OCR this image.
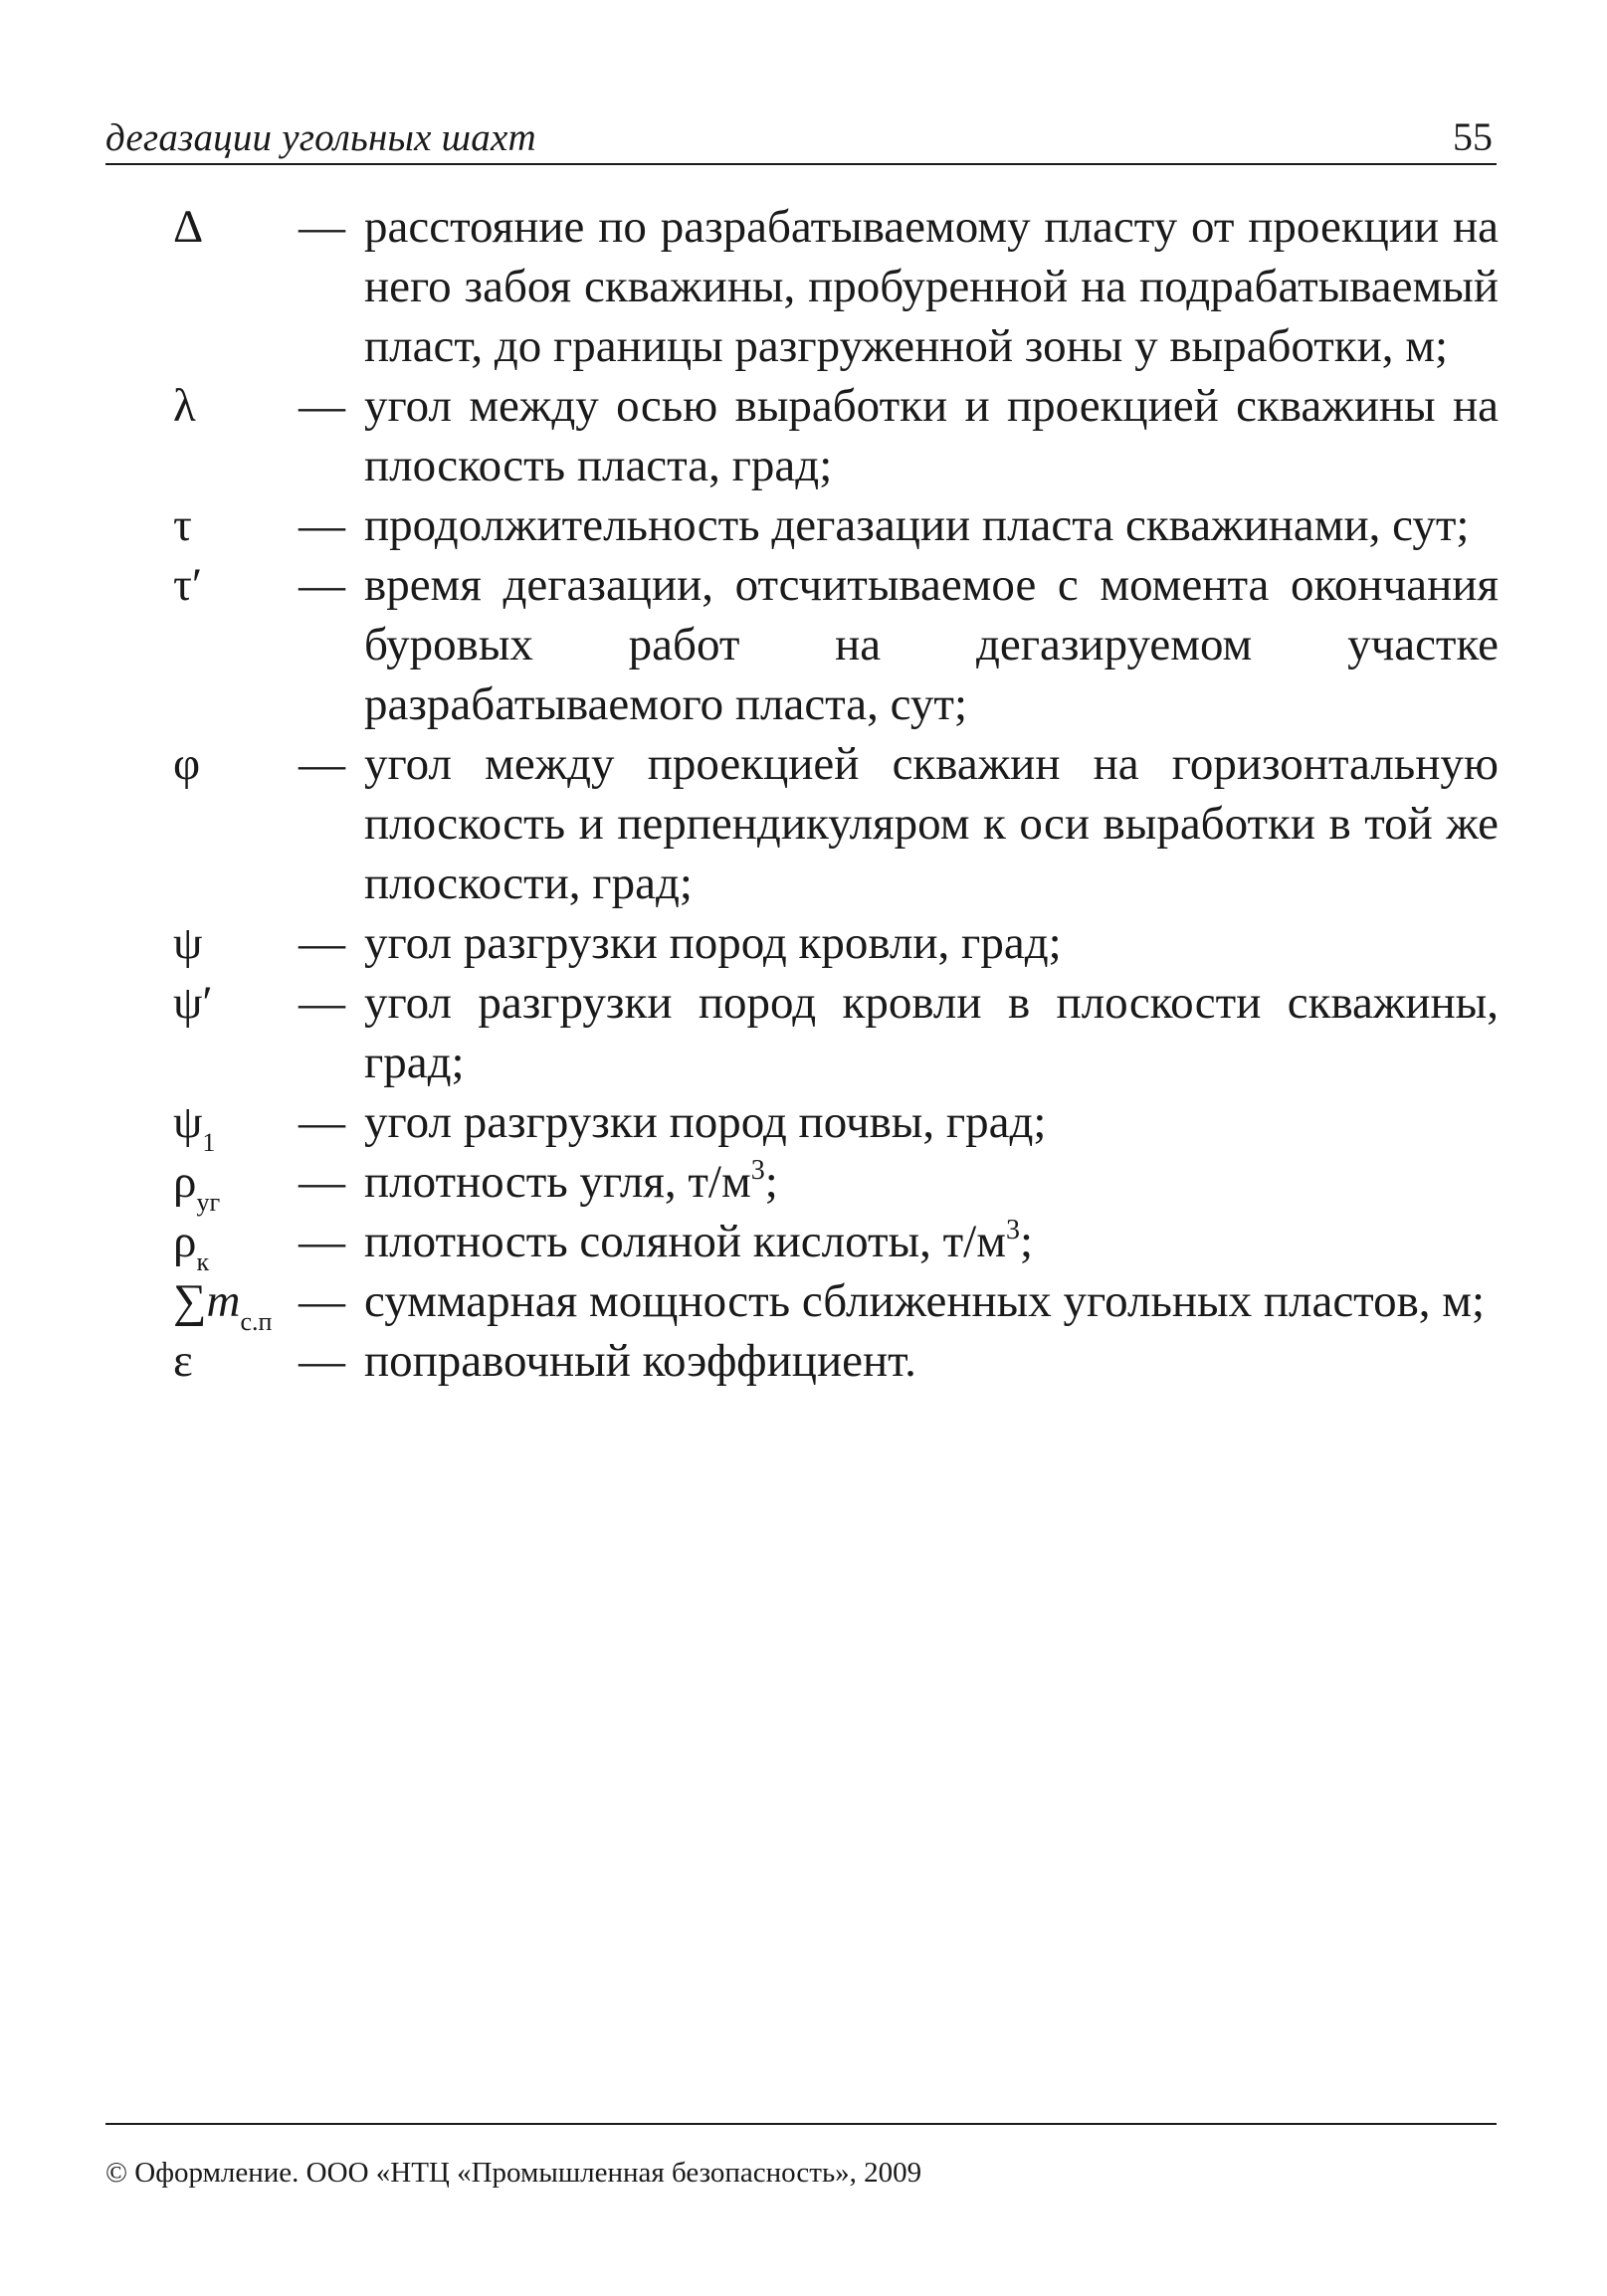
дегазации угольных шахт	55
Δ	— расстояние по разрабатываемому пласту от проекции на него забоя скважины, пробуренной на подрабатываемый пласт, до границы разгруженной зоны у выработки, м;
λ	— угол между осью выработки и проекцией скважины на плоскость пласта, град;
τ	— продолжительность дегазации пласта скважинами, сут;
τ′	— время дегазации, отсчитываемое с момента окончания буровых работ на дегазируемом участке разрабатываемого пласта, сут;
φ	— угол между проекцией скважин на горизонтальную плоскость и перпендикуляром к оси выработки в той же плоскости, град;
ψ	— угол разгрузки пород кровли, град;
ψ′	— угол разгрузки пород кровли в плоскости скважины, град;
$\psi_1$	— угол разгрузки пород почвы, град;
$\rho_{уг}$	— плотность угля, $т/м^3$;
$\rho_к$	— плотность соляной кислоты, $т/м^3$;
$\sum m_{с.п}$ — суммарная мощность сближенных угольных пластов, м;
ε	— поправочный коэффициент.
© Оформление. ООО «НТЦ «Промышленная безопасность», 2009
